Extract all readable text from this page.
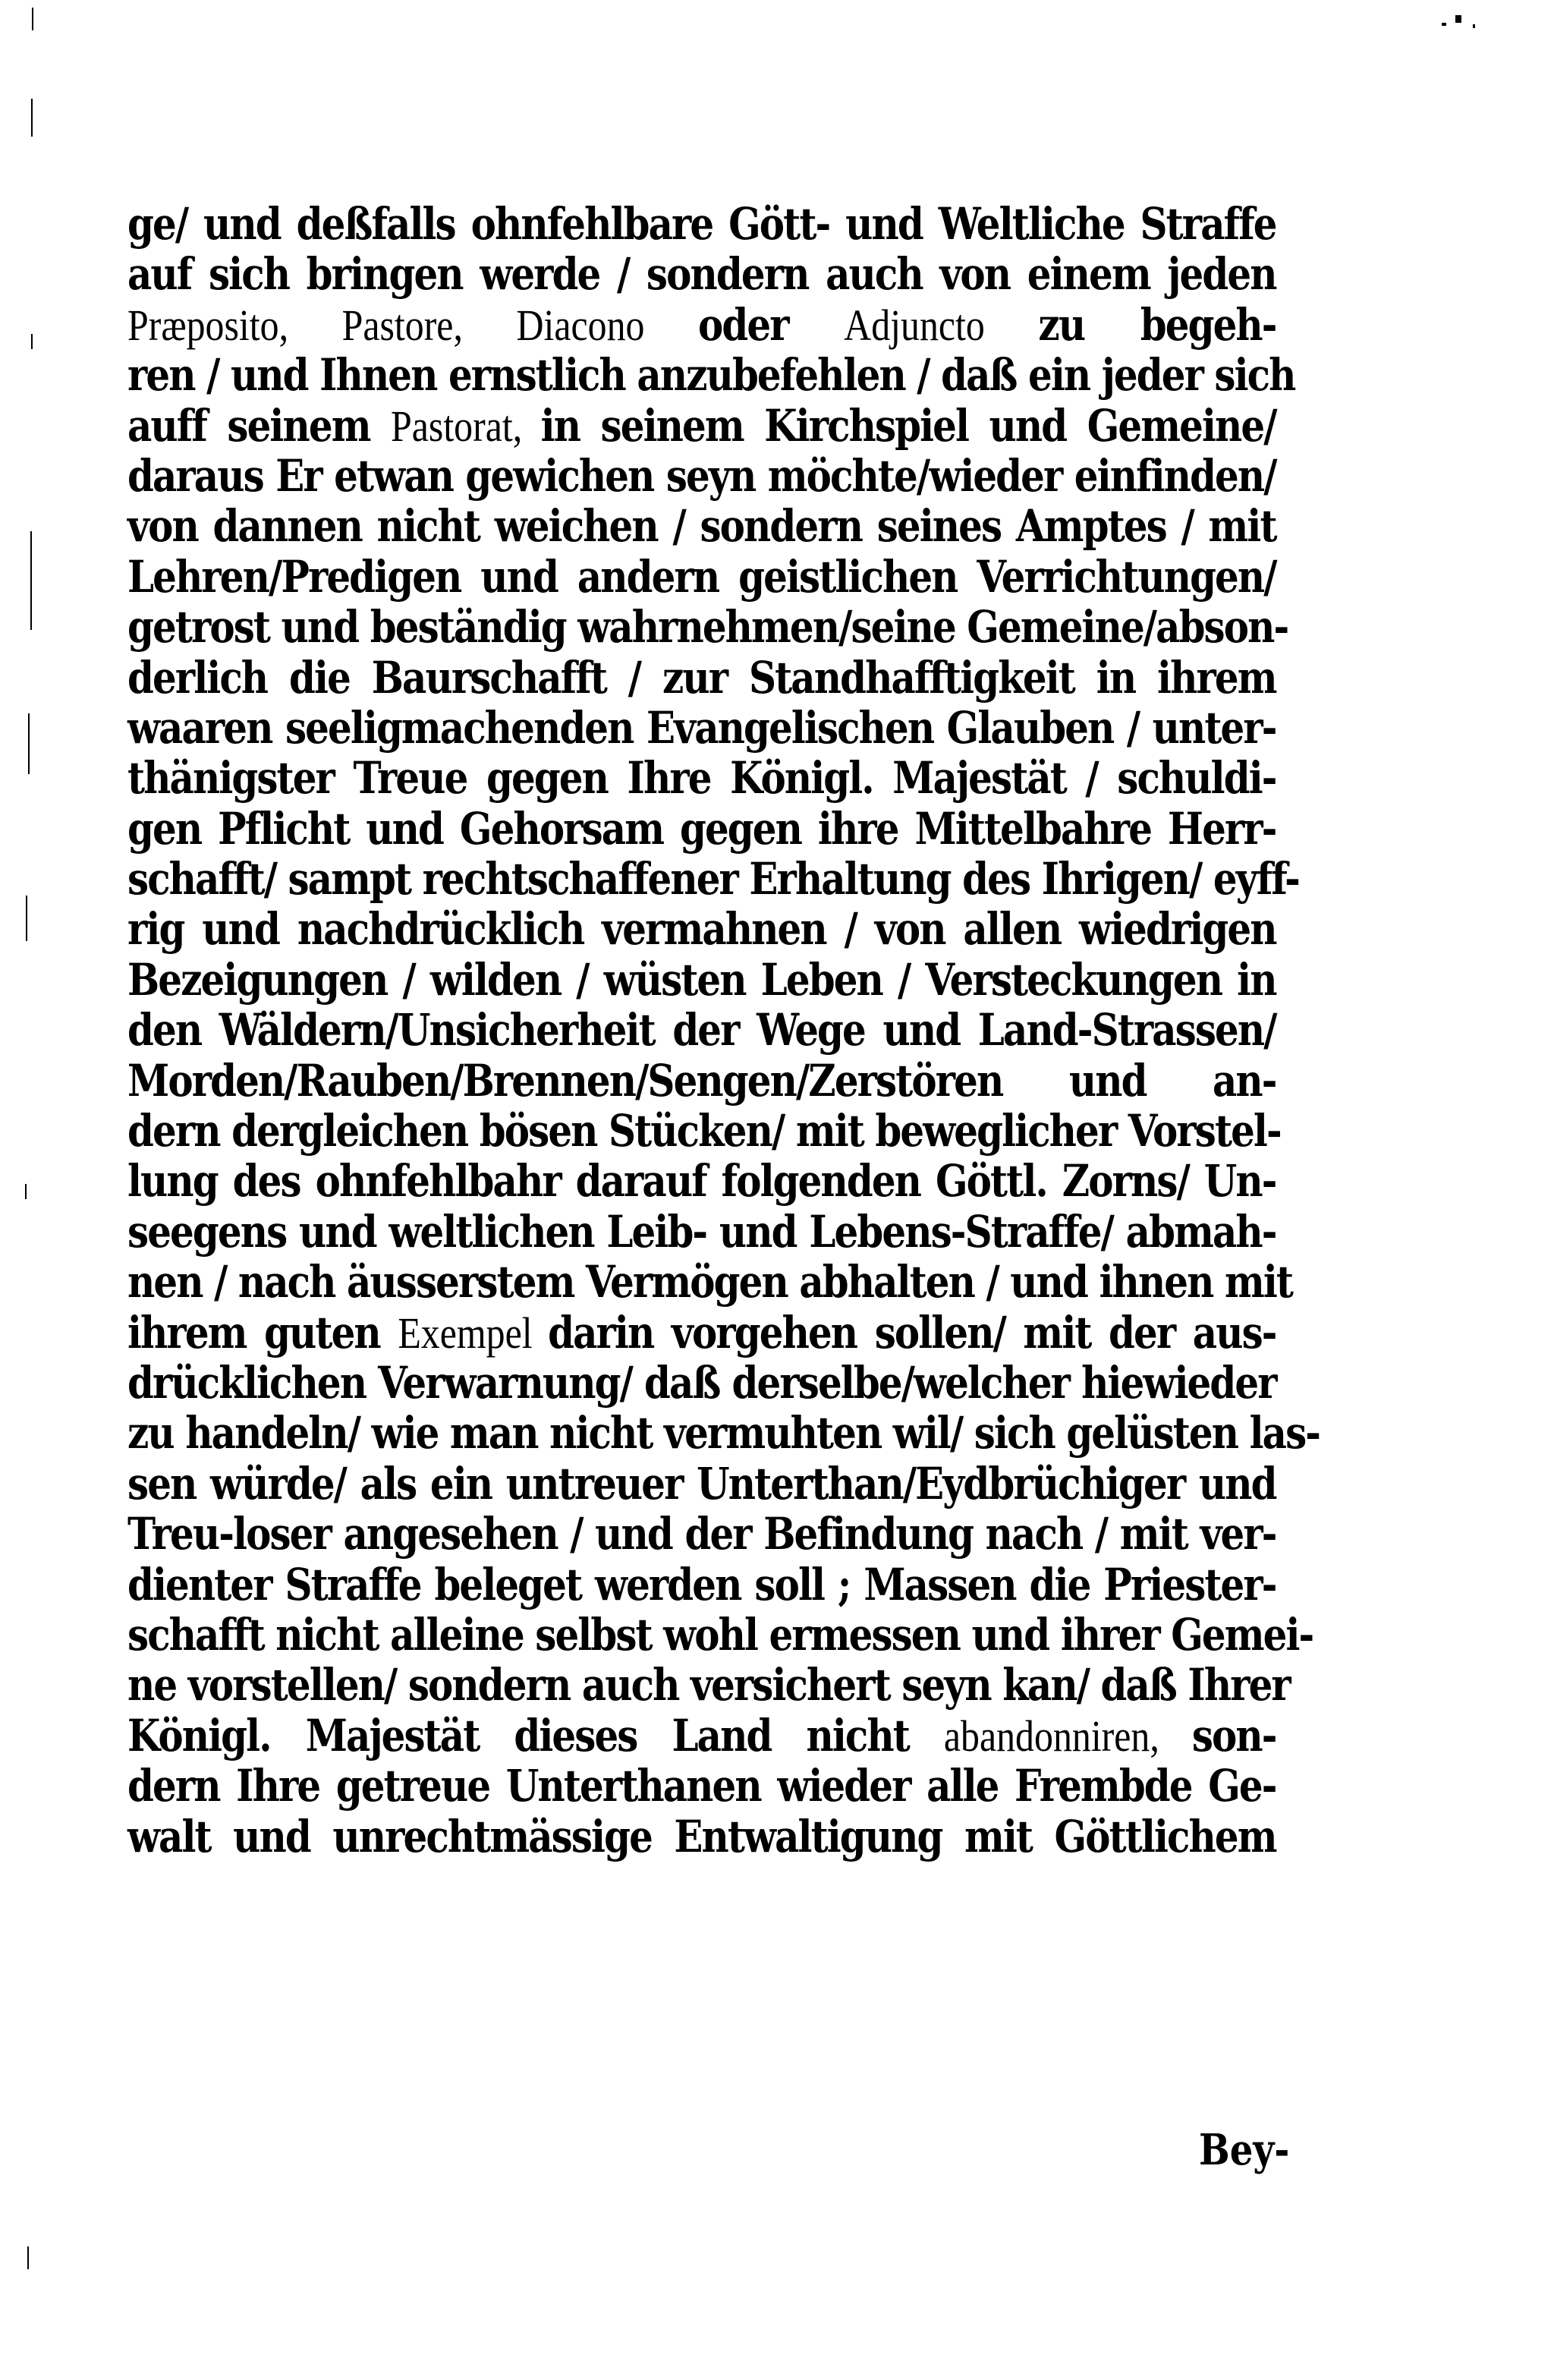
ge/ und deßfalls ohnfehlbare Gött- und Weltliche Straffe
auf sich bringen werde / sondern auch von einem jeden
Præposito, Pastore, Diacono oder Adjuncto zu begeh-
ren / und Ihnen ernstlich anzubefehlen / daß ein jeder sich
auff seinem Pastorat, in seinem Kirchspiel und Gemeine/
daraus Er etwan gewichen seyn möchte/wieder einfinden/
von dannen nicht weichen / sondern seines Amptes / mit
Lehren/Predigen und andern geistlichen Verrichtungen/
getrost und beständig wahrnehmen/seine Gemeine/abson-
derlich die Baurschafft / zur Standhafftigkeit in ihrem
waaren seeligmachenden Evangelischen Glauben / unter-
thänigster Treue gegen Ihre Königl. Majestät / schuldi-
gen Pflicht und Gehorsam gegen ihre Mittelbahre Herr-
schafft/ sampt rechtschaffener Erhaltung des Ihrigen/ eyff-
rig und nachdrücklich vermahnen / von allen wiedrigen
Bezeigungen / wilden / wüsten Leben / Versteckungen in
den Wäldern/Unsicherheit der Wege und Land-Strassen/
Morden/Rauben/Brennen/Sengen/Zerstören und an-
dern dergleichen bösen Stücken/ mit beweglicher Vorstel-
lung des ohnfehlbahr darauf folgenden Göttl. Zorns/ Un-
seegens und weltlichen Leib- und Lebens-Straffe/ abmah-
nen / nach äusserstem Vermögen abhalten / und ihnen mit
ihrem guten Exempel darin vorgehen sollen/ mit der aus-
drücklichen Verwarnung/ daß derselbe/welcher hiewieder
zu handeln/ wie man nicht vermuhten wil/ sich gelüsten las-
sen würde/ als ein untreuer Unterthan/Eydbrüchiger und
Treu-loser angesehen / und der Befindung nach / mit ver-
dienter Straffe beleget werden soll ; Massen die Priester-
schafft nicht alleine selbst wohl ermessen und ihrer Gemei-
ne vorstellen/ sondern auch versichert seyn kan/ daß Ihrer
Königl. Majestät dieses Land nicht abandonniren, son-
dern Ihre getreue Unterthanen wieder alle Frembde Ge-
walt und unrechtmässige Entwaltigung mit Göttlichem
Bey-
